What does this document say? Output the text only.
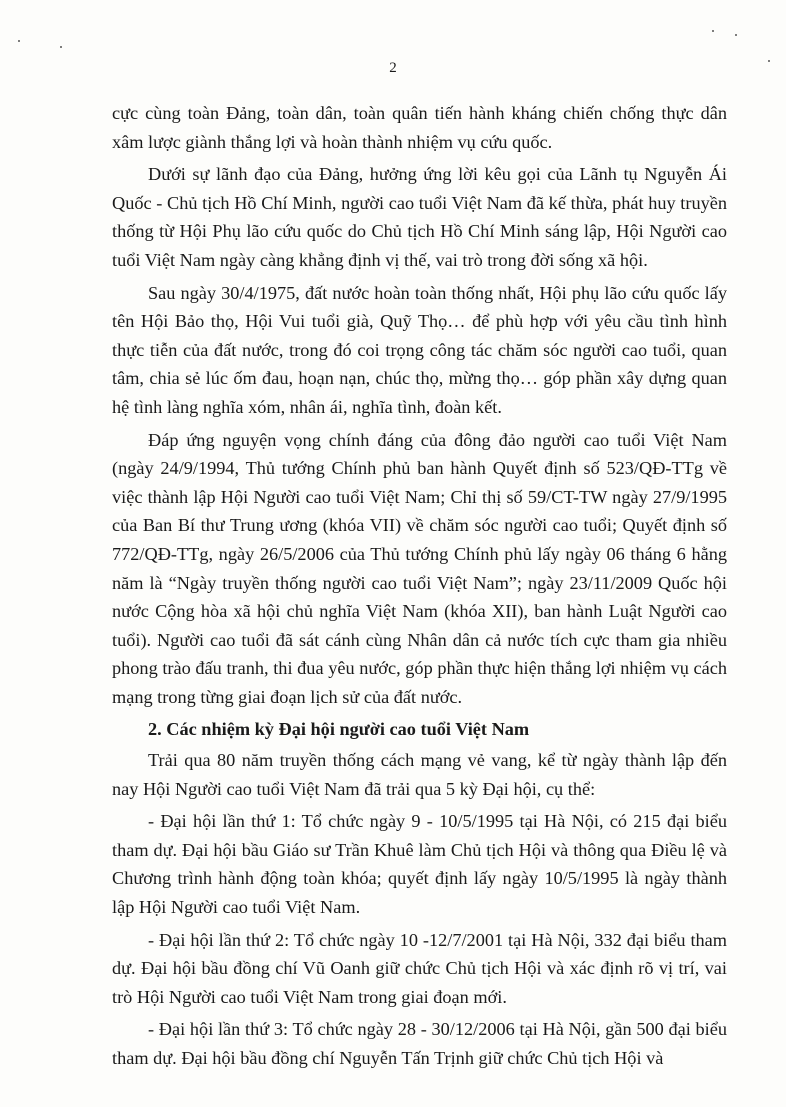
2

cực cùng toàn Đảng, toàn dân, toàn quân tiến hành kháng chiến chống thực dân xâm lược giành thắng lợi và hoàn thành nhiệm vụ cứu quốc.

Dưới sự lãnh đạo của Đảng, hưởng ứng lời kêu gọi của Lãnh tụ Nguyễn Ái Quốc - Chủ tịch Hồ Chí Minh, người cao tuổi Việt Nam đã kế thừa, phát huy truyền thống từ Hội Phụ lão cứu quốc do Chủ tịch Hồ Chí Minh sáng lập, Hội Người cao tuổi Việt Nam ngày càng khẳng định vị thế, vai trò trong đời sống xã hội.

Sau ngày 30/4/1975, đất nước hoàn toàn thống nhất, Hội phụ lão cứu quốc lấy tên Hội Bảo thọ, Hội Vui tuổi già, Quỹ Thọ… để phù hợp với yêu cầu tình hình thực tiễn của đất nước, trong đó coi trọng công tác chăm sóc người cao tuổi, quan tâm, chia sẻ lúc ốm đau, hoạn nạn, chúc thọ, mừng thọ… góp phần xây dựng quan hệ tình làng nghĩa xóm, nhân ái, nghĩa tình, đoàn kết.

Đáp ứng nguyện vọng chính đáng của đông đảo người cao tuổi Việt Nam (ngày 24/9/1994, Thủ tướng Chính phủ ban hành Quyết định số 523/QĐ-TTg về việc thành lập Hội Người cao tuổi Việt Nam; Chỉ thị số 59/CT-TW ngày 27/9/1995 của Ban Bí thư Trung ương (khóa VII) về chăm sóc người cao tuổi; Quyết định số 772/QĐ-TTg, ngày 26/5/2006 của Thủ tướng Chính phủ lấy ngày 06 tháng 6 hằng năm là “Ngày truyền thống người cao tuổi Việt Nam”; ngày 23/11/2009 Quốc hội nước Cộng hòa xã hội chủ nghĩa Việt Nam (khóa XII), ban hành Luật Người cao tuổi). Người cao tuổi đã sát cánh cùng Nhân dân cả nước tích cực tham gia nhiều phong trào đấu tranh, thi đua yêu nước, góp phần thực hiện thắng lợi nhiệm vụ cách mạng trong từng giai đoạn lịch sử của đất nước.

2. Các nhiệm kỳ Đại hội người cao tuổi Việt Nam

Trải qua 80 năm truyền thống cách mạng vẻ vang, kể từ ngày thành lập đến nay Hội Người cao tuổi Việt Nam đã trải qua 5 kỳ Đại hội, cụ thể:

- Đại hội lần thứ 1: Tổ chức ngày 9 - 10/5/1995 tại Hà Nội, có 215 đại biểu tham dự. Đại hội bầu Giáo sư Trần Khuê làm Chủ tịch Hội và thông qua Điều lệ và Chương trình hành động toàn khóa; quyết định lấy ngày 10/5/1995 là ngày thành lập Hội Người cao tuổi Việt Nam.

- Đại hội lần thứ 2: Tổ chức ngày 10 -12/7/2001 tại Hà Nội, 332 đại biểu tham dự. Đại hội bầu đồng chí Vũ Oanh giữ chức Chủ tịch Hội và xác định rõ vị trí, vai trò Hội Người cao tuổi Việt Nam trong giai đoạn mới.

- Đại hội lần thứ 3: Tổ chức ngày 28 - 30/12/2006 tại Hà Nội, gần 500 đại biểu tham dự. Đại hội bầu đồng chí Nguyễn Tấn Trịnh giữ chức Chủ tịch Hội và
